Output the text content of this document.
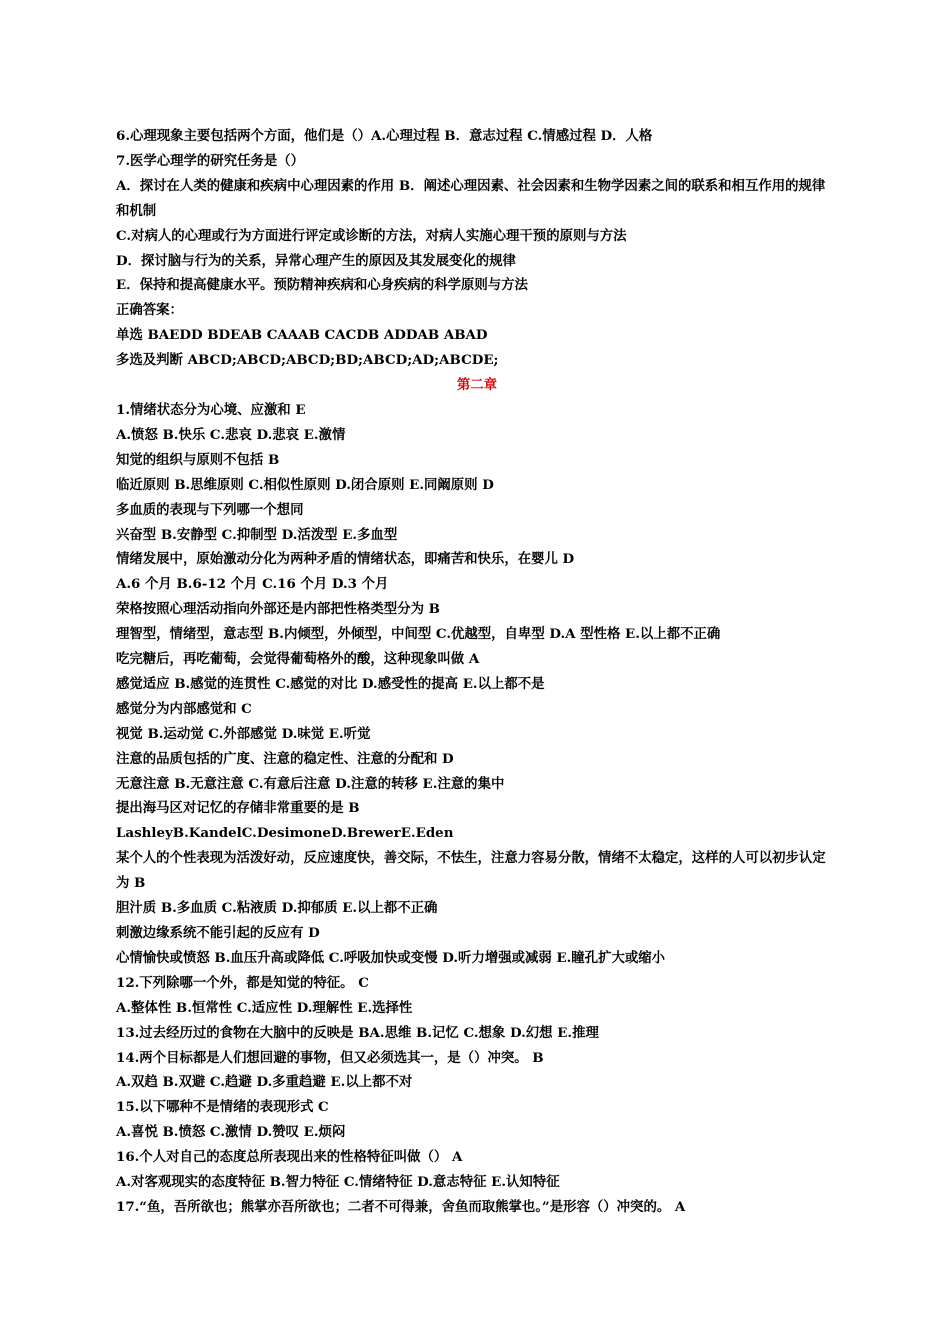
6.心理现象主要包括两个方面，他们是（）A.心理过程 B．意志过程 C.情感过程 D．人格
7.医学心理学的研究任务是（）
A．探讨在人类的健康和疾病中心理因素的作用 B．阐述心理因素、社会因素和生物学因素之间的联系和相互作用的规律和机制
C.对病人的心理或行为方面进行评定或诊断的方法，对病人实施心理干预的原则与方法
D．探讨脑与行为的关系，异常心理产生的原因及其发展变化的规律
E．保持和提高健康水平。预防精神疾病和心身疾病的科学原则与方法
正确答案：
单选 BAEDD BDEAB CAAAB CACDB ADDAB ABAD
多选及判断 ABCD;ABCD;ABCD;BD;ABCD;AD;ABCDE;
第二章
1.情绪状态分为心境、应激和 E
A.愤怒 B.快乐 C.悲哀 D.悲哀 E.激情
知觉的组织与原则不包括 B
临近原则 B.思维原则 C.相似性原则 D.闭合原则 E.同阚原则 D
多血质的表现与下列哪一个想同
兴奋型 B.安静型 C.抑制型 D.活泼型 E.多血型
情绪发展中，原始激动分化为两种矛盾的情绪状态，即痛苦和快乐，在婴儿 D
A.6 个月 B.6-12 个月 C.16 个月 D.3 个月
荣格按照心理活动指向外部还是内部把性格类型分为 B
理智型，情绪型，意志型 B.内倾型，外倾型，中间型 C.优越型，自卑型 D.A 型性格 E.以上都不正确
吃完糖后，再吃葡萄，会觉得葡萄格外的酸，这种现象叫做 A
感觉适应 B.感觉的连贯性 C.感觉的对比 D.感受性的提高 E.以上都不是
感觉分为内部感觉和 C
视觉 B.运动觉 C.外部感觉 D.味觉 E.听觉
注意的品质包括的广度、注意的稳定性、注意的分配和 D
无意注意 B.无意注意 C.有意后注意 D.注意的转移 E.注意的集中
提出海马区对记忆的存储非常重要的是 B
LashleyB.KandelC.DesimoneD.BrewerE.Eden
某个人的个性表现为活泼好动，反应速度快，善交际，不怯生，注意力容易分散，情绪不太稳定，这样的人可以初步认定为 B
胆汁质 B.多血质 C.粘液质 D.抑郁质 E.以上都不正确
刺激边缘系统不能引起的反应有 D
心情愉快或愤怒 B.血压升高或降低 C.呼吸加快或变慢 D.听力增强或减弱 E.瞳孔扩大或缩小
12.下列除哪一个外，都是知觉的特征。 C
A.整体性 B.恒常性 C.适应性 D.理解性 E.选择性
13.过去经历过的食物在大脑中的反映是 BA.思维 B.记忆 C.想象 D.幻想 E.推理
14.两个目标都是人们想回避的事物，但又必须选其一，是（）冲突。 B
A.双趋 B.双避 C.趋避 D.多重趋避 E.以上都不对
15.以下哪种不是情绪的表现形式 C
A.喜悦 B.愤怒 C.激情 D.赞叹 E.烦闷
16.个人对自己的态度总所表现出来的性格特征叫做（） A
A.对客观现实的态度特征 B.智力特征 C.情绪特征 D.意志特征 E.认知特征
17.“鱼，吾所欲也；熊掌亦吾所欲也；二者不可得兼，舍鱼而取熊掌也。”是形容（）冲突的。 A
